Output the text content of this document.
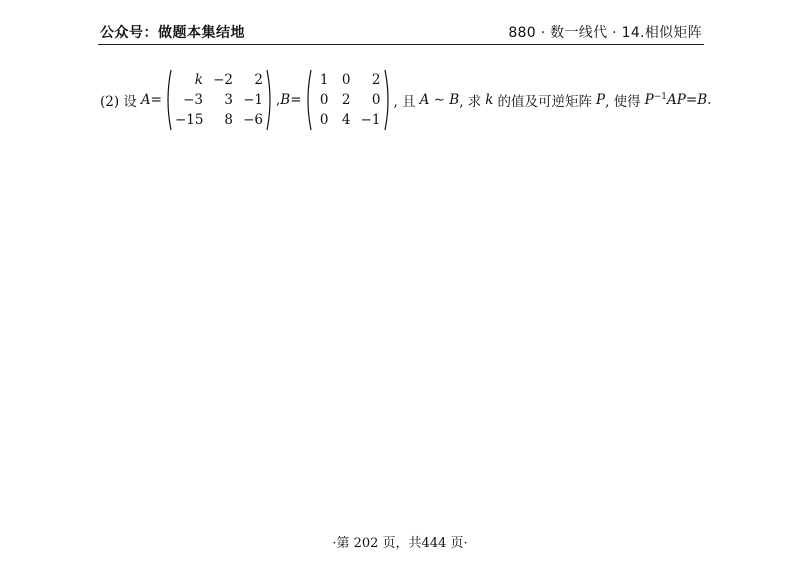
公众号：做题本集结地	880 · 数一线代 · 14.相似矩阵
(2) 设 A =
k −2	2
−3	3 −1
−15	8 −6
, B =
1 0	2
0 2	0
0 4 −1
, 且 A ∼ B , 求 k 的值及可逆矩阵 P , 使得 $P^{-1}$ AP = B .
·第 202 页，共444 页·
